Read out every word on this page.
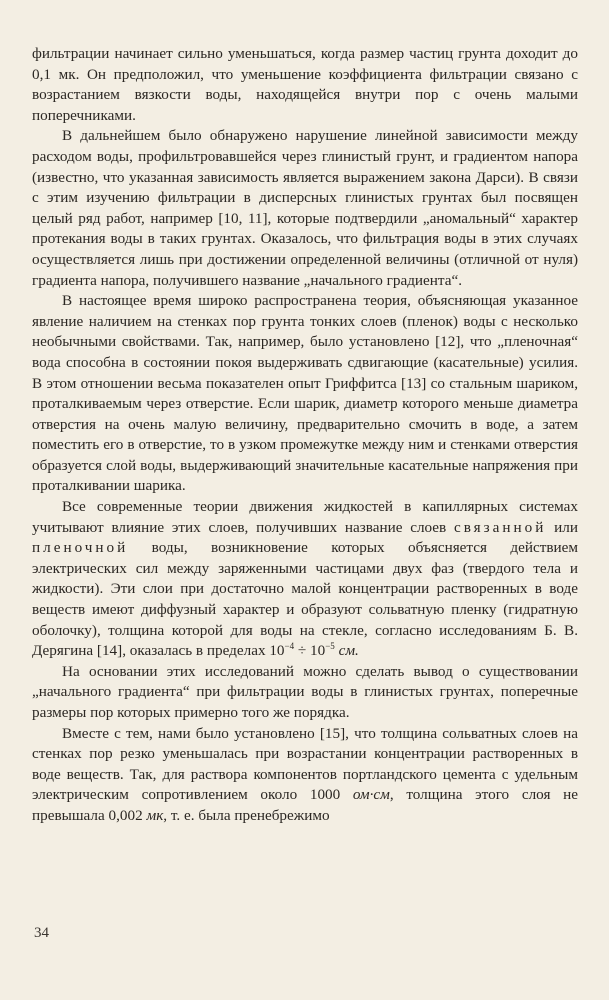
фильтрации начинает сильно уменьшаться, когда размер частиц грунта доходит до 0,1 мк. Он предположил, что уменьшение коэффициента фильтрации связано с возрастанием вязкости воды, находящейся внутри пор с очень малыми поперечниками.

В дальнейшем было обнаружено нарушение линейной зависимости между расходом воды, профильтровавшейся через глинистый грунт, и градиентом напора (известно, что указанная зависимость является выражением закона Дарси). В связи с этим изучению фильтрации в дисперсных глинистых грунтах был посвящен целый ряд работ, например [10, 11], которые подтвердили „аномальный“ характер протекания воды в таких грунтах. Оказалось, что фильтрация воды в этих случаях осуществляется лишь при достижении определенной величины (отличной от нуля) градиента напора, получившего название „начального градиента“.

В настоящее время широко распространена теория, объясняющая указанное явление наличием на стенках пор грунта тонких слоев (пленок) воды с несколько необычными свойствами. Так, например, было установлено [12], что „пленочная“ вода способна в состоянии покоя выдерживать сдвигающие (касательные) усилия. В этом отношении весьма показателен опыт Гриффитса [13] со стальным шариком, проталкиваемым через отверстие. Если шарик, диаметр которого меньше диаметра отверстия на очень малую величину, предварительно смочить в воде, а затем поместить его в отверстие, то в узком промежутке между ним и стенками отверстия образуется слой воды, выдерживающий значительные касательные напряжения при проталкивании шарика.

Все современные теории движения жидкостей в капиллярных системах учитывают влияние этих слоев, получивших название слоев связанной или пленочной воды, возникновение которых объясняется действием электрических сил между заряженными частицами двух фаз (твердого тела и жидкости). Эти слои при достаточно малой концентрации растворенных в воде веществ имеют диффузный характер и образуют сольватную пленку (гидратную оболочку), толщина которой для воды на стекле, согласно исследованиям Б. В. Дерягина [14], оказалась в пределах $10^{-4} \div 10^{-5}$ см.

На основании этих исследований можно сделать вывод о существовании „начального градиента“ при фильтрации воды в глинистых грунтах, поперечные размеры пор которых примерно того же порядка.

Вместе с тем, нами было установлено [15], что толщина сольватных слоев на стенках пор резко уменьшалась при возрастании концентрации растворенных в воде веществ. Так, для раствора компонентов портландского цемента с удельным электрическим сопротивлением около 1000 ом·см, толщина этого слоя не превышала 0,002 мк, т. е. была пренебрежимо

34
